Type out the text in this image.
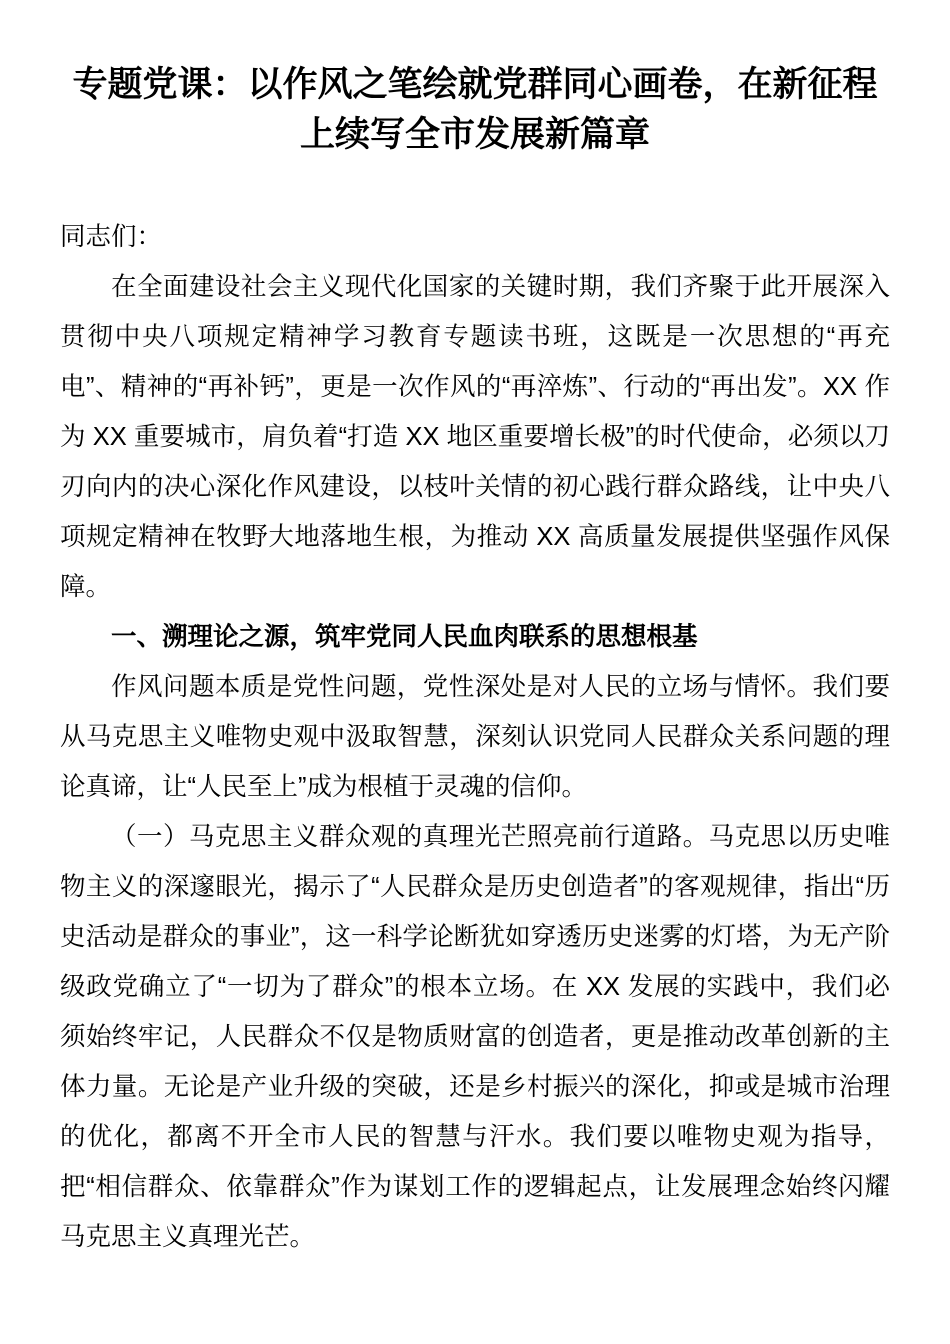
专题党课：以作风之笔绘就党群同心画卷，在新征程上续写全市发展新篇章

同志们：

在全面建设社会主义现代化国家的关键时期，我们齐聚于此开展深入贯彻中央八项规定精神学习教育专题读书班，这既是一次思想的“再充电”、精神的“再补钙”，更是一次作风的“再淬炼”、行动的“再出发”。XX 作为 XX 重要城市，肩负着“打造 XX 地区重要增长极”的时代使命，必须以刀刃向内的决心深化作风建设，以枝叶关情的初心践行群众路线，让中央八项规定精神在牧野大地落地生根，为推动 XX 高质量发展提供坚强作风保障。

一、溯理论之源，筑牢党同人民血肉联系的思想根基

作风问题本质是党性问题，党性深处是对人民的立场与情怀。我们要从马克思主义唯物史观中汲取智慧，深刻认识党同人民群众关系问题的理论真谛，让“人民至上”成为根植于灵魂的信仰。

（一）马克思主义群众观的真理光芒照亮前行道路。马克思以历史唯物主义的深邃眼光，揭示了“人民群众是历史创造者”的客观规律，指出“历史活动是群众的事业”，这一科学论断犹如穿透历史迷雾的灯塔，为无产阶级政党确立了“一切为了群众”的根本立场。在 XX 发展的实践中，我们必须始终牢记，人民群众不仅是物质财富的创造者，更是推动改革创新的主体力量。无论是产业升级的突破，还是乡村振兴的深化，抑或是城市治理的优化，都离不开全市人民的智慧与汗水。我们要以唯物史观为指导，把“相信群众、依靠群众”作为谋划工作的逻辑起点，让发展理念始终闪耀马克思主义真理光芒。
